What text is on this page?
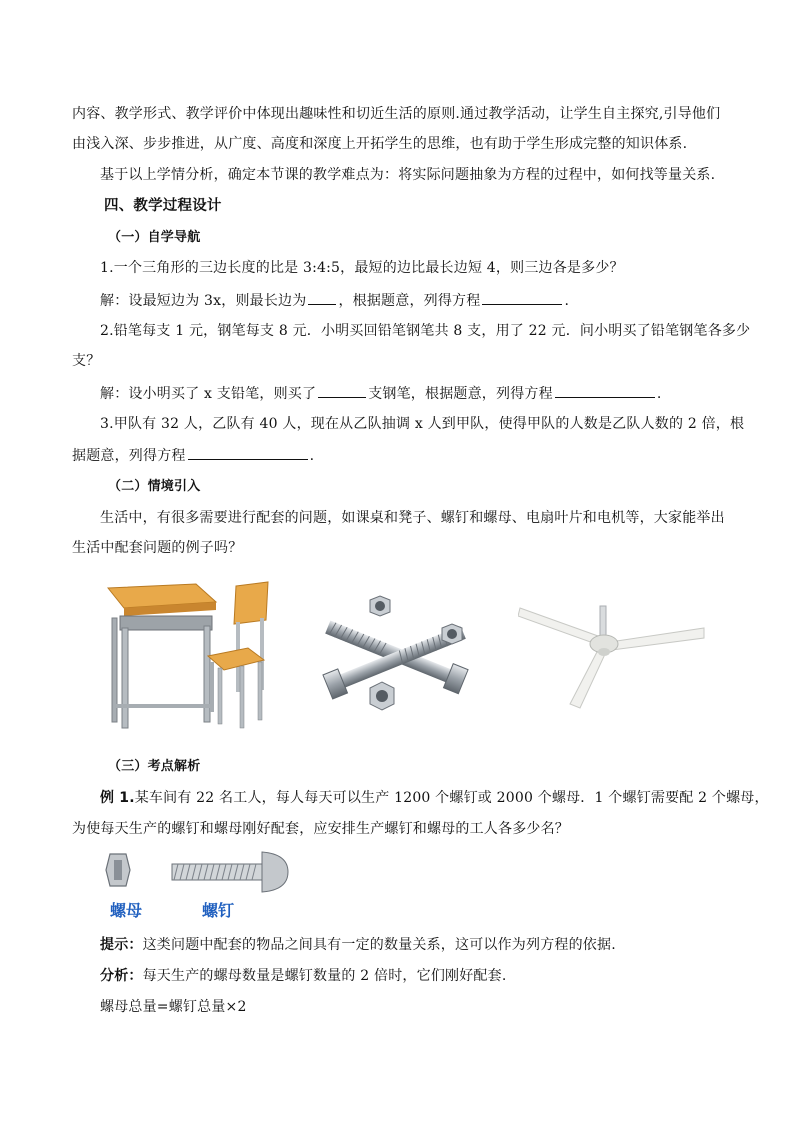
内容、教学形式、教学评价中体现出趣味性和切近生活的原则.通过教学活动，让学生自主探究,引导他们
由浅入深、步步推进，从广度、高度和深度上开拓学生的思维，也有助于学生形成完整的知识体系.
基于以上学情分析，确定本节课的教学难点为：将实际问题抽象为方程的过程中，如何找等量关系.
四、教学过程设计
（一）自学导航
1.一个三角形的三边长度的比是 3:4:5，最短的边比最长边短 4，则三边各是多少？
解：设最短边为 3x，则最长边为 ，根据题意，列得方程	.
2.铅笔每支 1 元，钢笔每支 8 元．小明买回铅笔钢笔共 8 支，用了 22 元．问小明买了铅笔钢笔各多少
支？
解：设小明买了 x 支铅笔，则买了	支钢笔，根据题意，列得方程	.
3.甲队有 32 人，乙队有 40 人，现在从乙队抽调 x 人到甲队，使得甲队的人数是乙队人数的 2 倍，根
据题意，列得方程	.
（二）情境引入
生活中，有很多需要进行配套的问题，如课桌和凳子、螺钉和螺母、电扇叶片和电机等，大家能举出
生活中配套问题的例子吗？
（三）考点解析
例 1.某车间有 22 名工人，每人每天可以生产 1200 个螺钉或 2000 个螺母．1 个螺钉需要配 2 个螺母，
为使每天生产的螺钉和螺母刚好配套，应安排生产螺钉和螺母的工人各多少名？
螺母	螺钉
提示：这类问题中配套的物品之间具有一定的数量关系，这可以作为列方程的依据.
分析：每天生产的螺母数量是螺钉数量的 2 倍时，它们刚好配套.
螺母总量=螺钉总量×2
